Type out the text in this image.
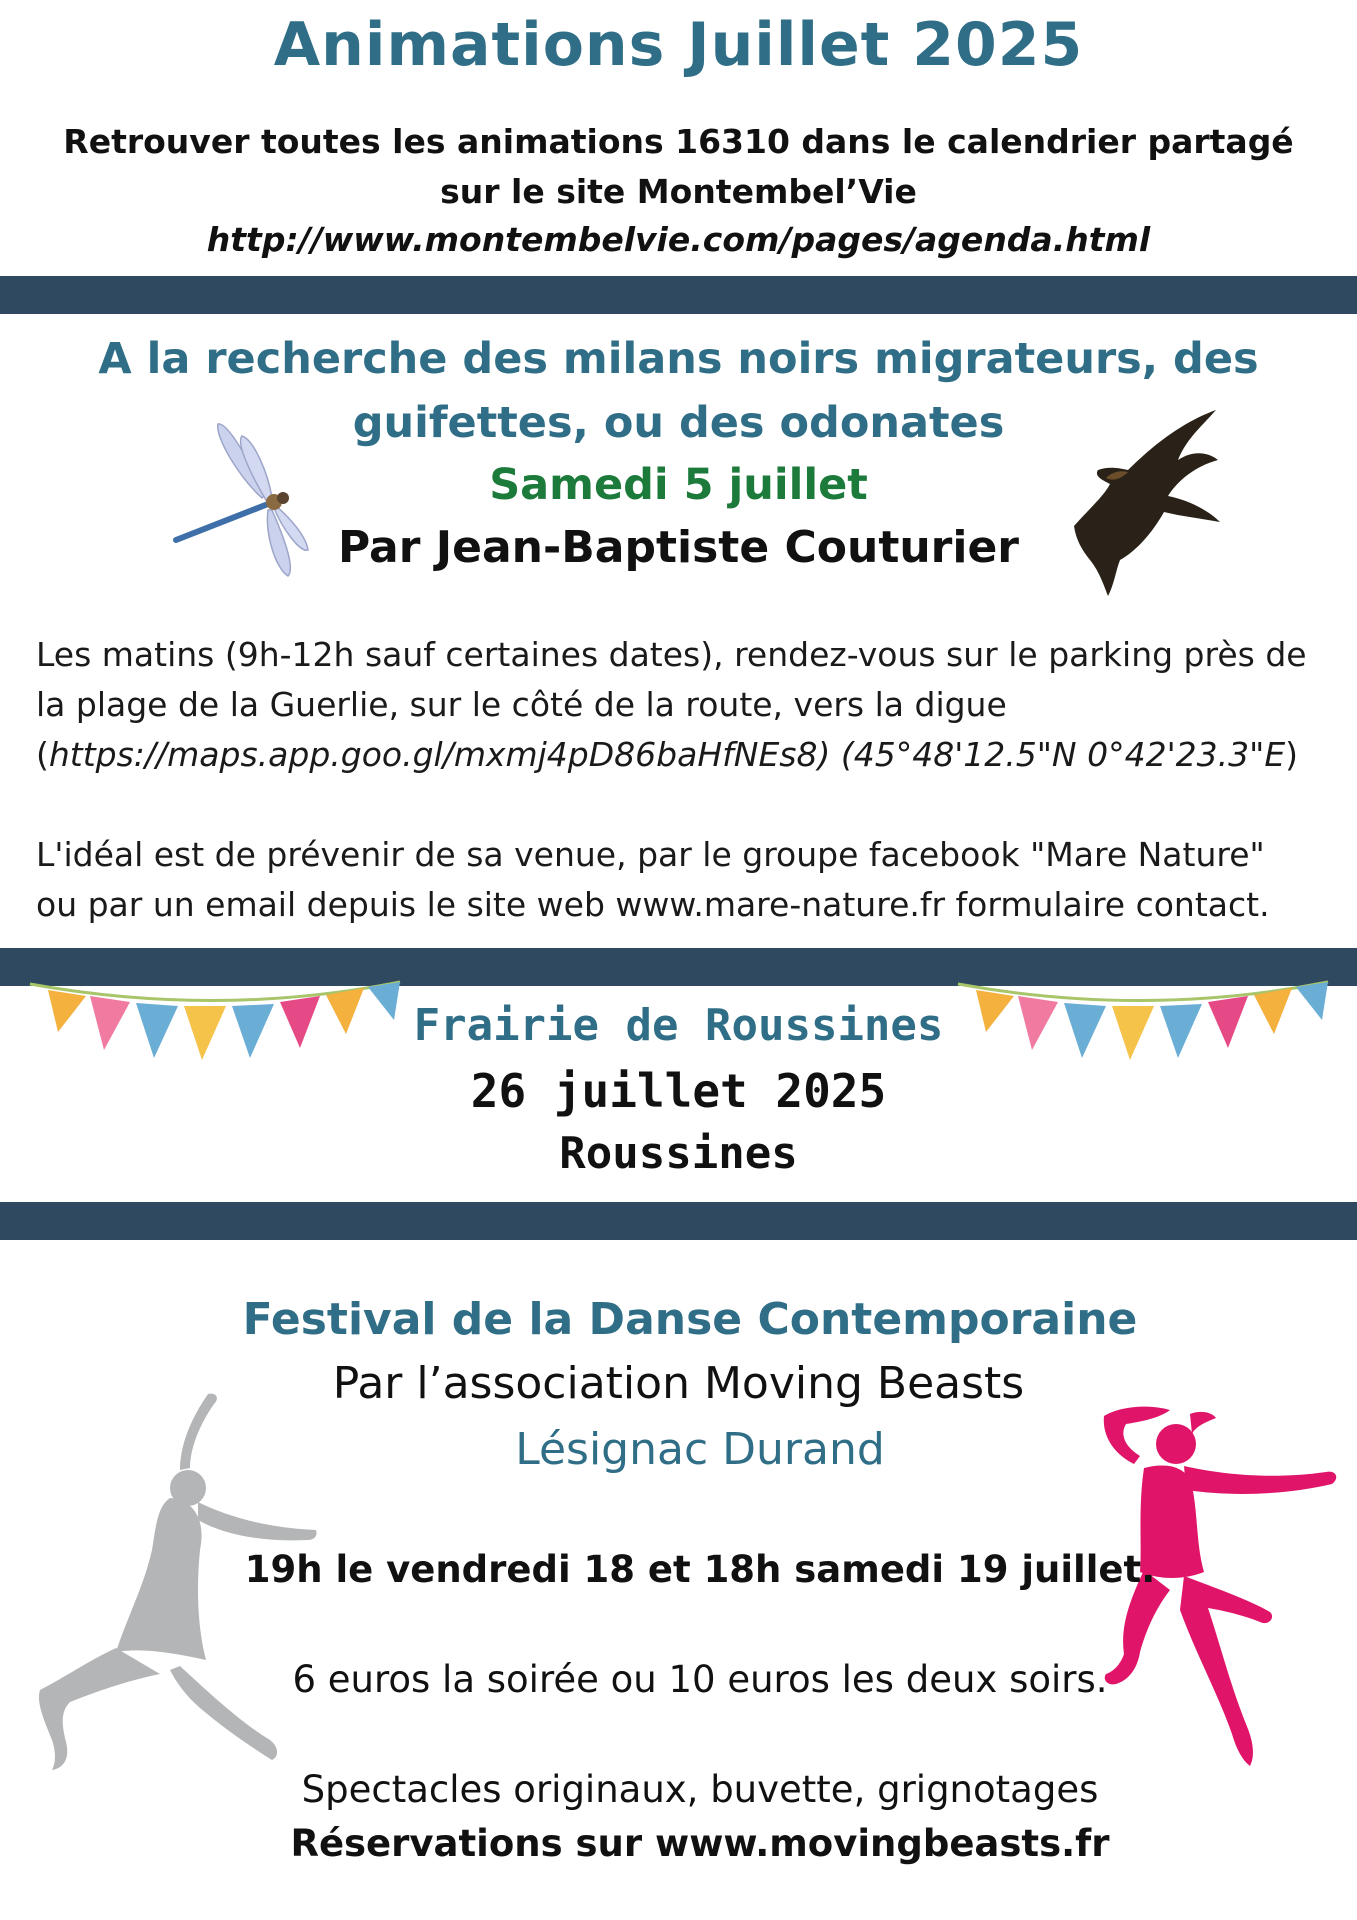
Animations Juillet 2025
Retrouver toutes les animations 16310 dans le calendrier partagé
sur le site Montembel’Vie
http://www.montembelvie.com/pages/agenda.html
A la recherche des milans noirs migrateurs, des
guifettes, ou des odonates
Samedi 5 juillet
Par Jean-Baptiste Couturier
Les matins (9h-12h sauf certaines dates), rendez-vous sur le parking près de
la plage de la Guerlie, sur le côté de la route, vers la digue
(https://maps.app.goo.gl/mxmj4pD86baHfNEs8) (45°48'12.5"N 0°42'23.3"E)
L'idéal est de prévenir de sa venue, par le groupe facebook "Mare Nature"
ou par un email depuis le site web www.mare-nature.fr formulaire contact.
Frairie de Roussines
26 juillet 2025
Roussines
Festival de la Danse Contemporaine
Par l’association Moving Beasts
Lésignac Durand
19h le vendredi 18 et 18h samedi 19 juillet.
6 euros la soirée ou 10 euros les deux soirs.
Spectacles originaux, buvette, grignotages
Réservations sur www.movingbeasts.fr
